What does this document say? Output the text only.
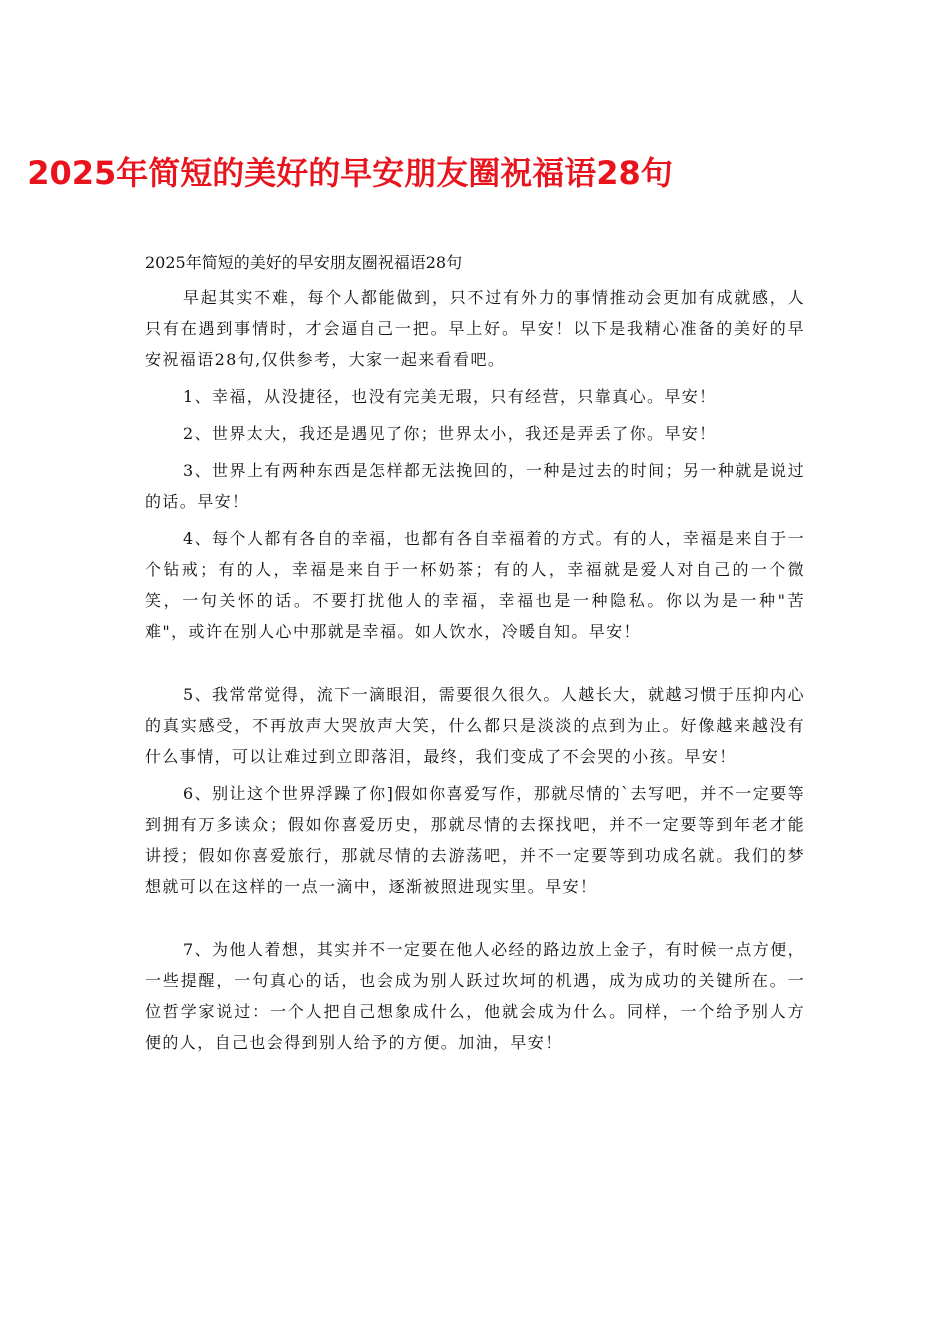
2025年简短的美好的早安朋友圈祝福语28句

2025年简短的美好的早安朋友圈祝福语28句

早起其实不难，每个人都能做到，只不过有外力的事情推动会更加有成就感，人只有在遇到事情时，才会逼自己一把。早上好。早安！以下是我精心准备的美好的早安祝福语28句,仅供参考，大家一起来看看吧。

1、幸福，从没捷径，也没有完美无瑕，只有经营，只靠真心。早安！

2、世界太大，我还是遇见了你；世界太小，我还是弄丢了你。早安！

3、世界上有两种东西是怎样都无法挽回的，一种是过去的时间；另一种就是说过的话。早安！

4、每个人都有各自的幸福，也都有各自幸福着的方式。有的人，幸福是来自于一个钻戒；有的人，幸福是来自于一杯奶茶；有的人，幸福就是爱人对自己的一个微笑，一句关怀的话。不要打扰他人的幸福，幸福也是一种隐私。你以为是一种"苦难"，或许在别人心中那就是幸福。如人饮水，冷暖自知。早安！

5、我常常觉得，流下一滴眼泪，需要很久很久。人越长大，就越习惯于压抑内心的真实感受，不再放声大哭放声大笑，什么都只是淡淡的点到为止。好像越来越没有什么事情，可以让难过到立即落泪，最终，我们变成了不会哭的小孩。早安！

6、别让这个世界浮躁了你]假如你喜爱写作，那就尽情的`去写吧，并不一定要等到拥有万多读众；假如你喜爱历史，那就尽情的去探找吧，并不一定要等到年老才能讲授；假如你喜爱旅行，那就尽情的去游荡吧，并不一定要等到功成名就。我们的梦想就可以在这样的一点一滴中，逐渐被照进现实里。早安！

7、为他人着想，其实并不一定要在他人必经的路边放上金子，有时候一点方便，一些提醒，一句真心的话，也会成为别人跃过坎坷的机遇，成为成功的关键所在。一位哲学家说过：一个人把自己想象成什么，他就会成为什么。同样，一个给予别人方便的人，自己也会得到别人给予的方便。加油，早安！
